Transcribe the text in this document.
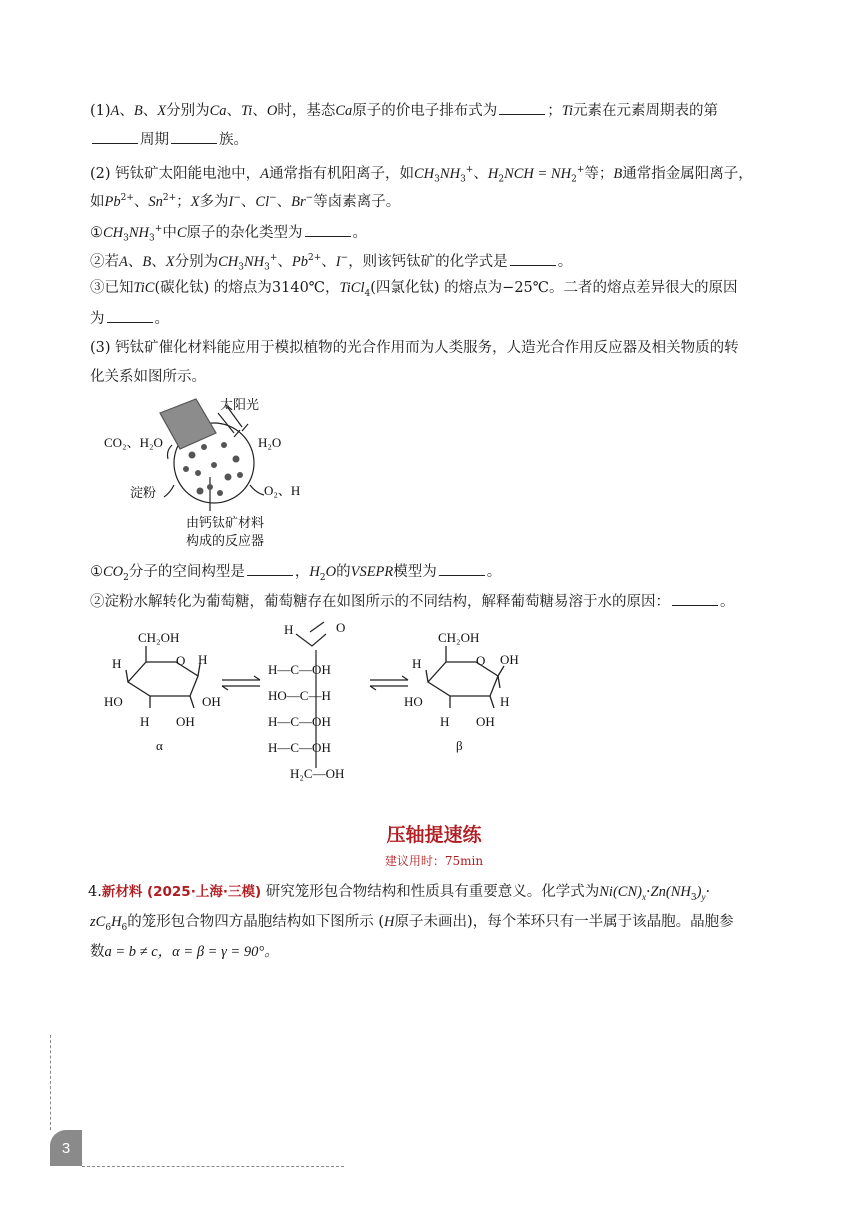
(1)A、B、X分别为Ca、Ti、O时，基态Ca原子的价电子排布式为	；Ti元素在元素周期表的第
周期	族。
(2) 钙钛矿太阳能电池中，A通常指有机阳离子，如$CH_3NH_3^+$、$H_2NCH = NH_2^+$等；B通常指金属阳离子，
如$Pb^{2+}$、$Sn^{2+}$；X多为I−、Cl−、Br−等卤素离子。
$①CH_3NH_3^+$中C原子的杂化类型为	。
②若A、B、X分别为$CH_3NH_3^+$、$Pb^{2+}$、I−，则该钙钛矿的化学式是	。
③已知TiC(碳化钛) 的熔点为3140℃，TiCl$_4$(四氯化钛) 的熔点为−25℃。二者的熔点差异很大的原因
为	。
(3) 钙钛矿催化材料能应用于模拟植物的光合作用而为人类服务，人造光合作用反应器及相关物质的转
化关系如图所示。
太阳光
CO₂、H₂O	H₂O
淀粉	O₂、H
由钙钛矿材料
构成的反应器
$①CO_2$分子的空间构型是	，$H_2O$的VSEPR模型为	。
②淀粉水解转化为葡萄糖，葡萄糖存在如图所示的不同结构，解释葡萄糖易溶于水的原因：	。
CH₂OH
O
H	H
HO	OH
H OH
α
H	O
H—C—OH
HO—C—H
H—C—OH
H—C—OH
H₂C—OH
CH₂OH
O
H	OH
HO	H
H OH
β
压轴提速练
建议用时：75min
4.新材料 (2025·上海·三模) 研究笼形包合物结构和性质具有重要意义。化学式为$Ni(CN)_x\cdot Zn(NH_3)_y\cdot$
$zC_6H_6$的笼形包合物四方晶胞结构如下图所示 (H原子未画出)，每个苯环只有一半属于该晶胞。晶胞参
数a = b ≠ c，α = β = γ = 90°。
3
